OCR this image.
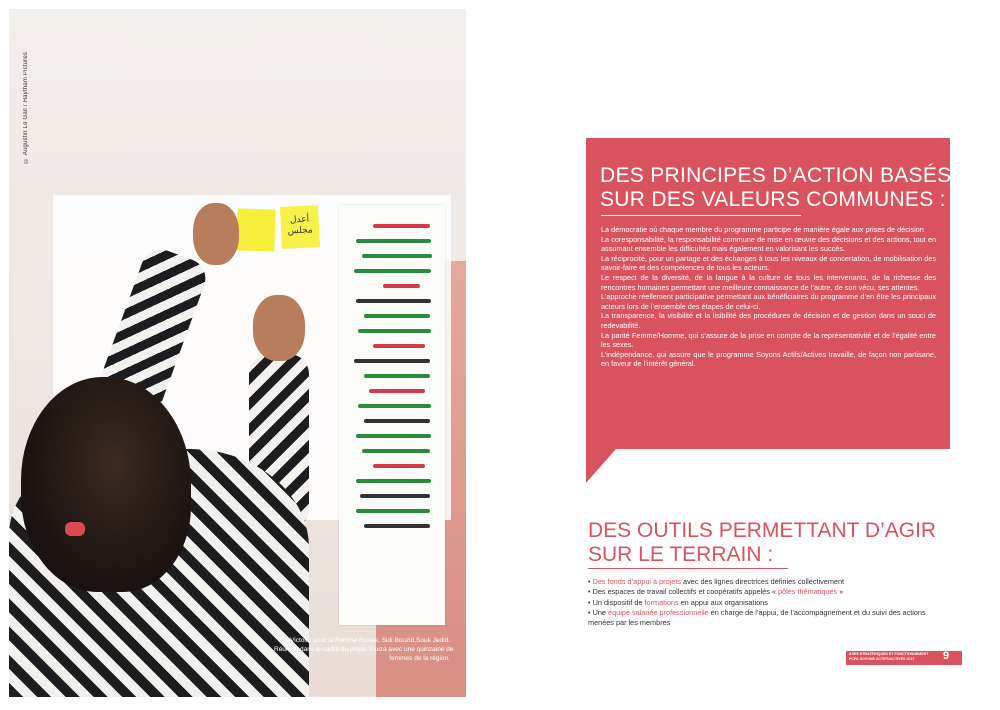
أعدل مجلس
© Augustin Le Gall / Haytham Pictures
Victoire pour la Femme Rurale, Sidi Bouzid,Souk Jedid.
Réunion dans le cadre du projet Touiza avec une quinzaine de
femmes de la région.
DES PRINCIPES D’ACTION BASÉS
SUR DES VALEURS COMMUNES :

La démocratie où chaque membre du programme participe de manière égale aux prises de décision

La coresponsabilité, la responsabilité commune de mise en œuvre des décisions et des actions, tout en assumant ensemble les difficultés mais également en valorisant les succès.

La réciprocité, pour un partage et des échanges à tous les niveaux de concertation, de mobilisation des savoir-faire et des compétences de tous les acteurs.

Le respect de la diversité, de la langue à la culture de tous les intervenants, de la richesse des rencontres humaines permettant une meilleure connaissance de l’autre, de son vécu, ses attentes.

L’approche réellement participative permettant aux bénéficiaires du programme d’en être les principaux acteurs lors de l’ensemble des étapes de celui-ci.

La transparence, la visibilité et la lisibilité des procédures de décision et de gestion dans un souci de redevabilité.

La parité Femme/Homme, qui s’assure de la prise en compte de la représentativité et de l’égalité entre les sexes.

L’indépendance, qui assure que le programme Soyons Actifs/Actives travaille, de façon non partisane, en faveur de l’intérêt général.

DES OUTILS PERMETTANT D’AGIR
SUR LE TERRAIN :

• Des fonds d’appui à projets avec des lignes directrices définies collectivement

• Des espaces de travail collectifs et coopératifs appelés « pôles thématiques »

• Un dispositif de formations en appui aux organisations

• Une équipe salariée professionnelle en charge de l’appui, de l’accompagnement et du suivi des actions menées par les membres

AXES STRATÉGIQUES ET FONCTIONNEMENT
PCPA SOYONS ACTIFS/ACTIVES 2017	9
